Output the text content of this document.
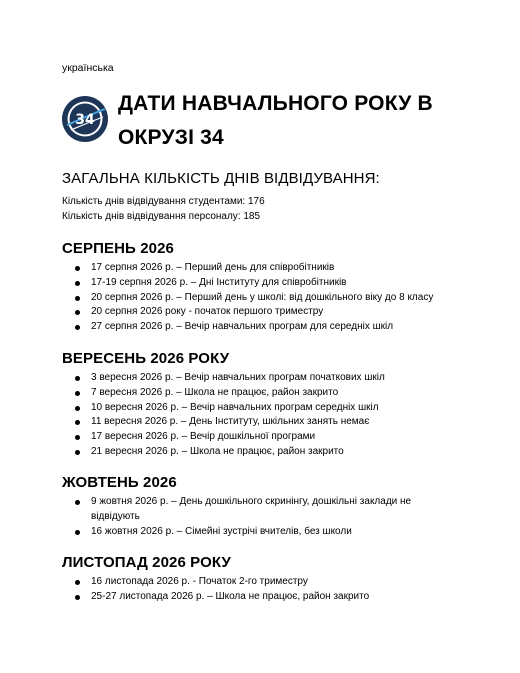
українська
34
ДАТИ НАВЧАЛЬНОГО РОКУ В
ОКРУЗІ 34
ЗАГАЛЬНА КІЛЬКІСТЬ ДНІВ ВІДВІДУВАННЯ:
Кількість днів відвідування студентами: 176
Кількість днів відвідування персоналу: 185
СЕРПЕНЬ 2026
17 серпня 2026 р. – Перший день для співробітників
17-19 серпня 2026 р. – Дні Інституту для співробітників
20 серпня 2026 р. – Перший день у школі: від дошкільного віку до 8 класу
20 серпня 2026 року - початок першого триместру
27 серпня 2026 р. – Вечір навчальних програм для середніх шкіл
ВЕРЕСЕНЬ 2026 РОКУ
3 вересня 2026 р. – Вечір навчальних програм початкових шкіл
7 вересня 2026 р. – Школа не працює, район закрито
10 вересня 2026 р. – Вечір навчальних програм середніх шкіл
11 вересня 2026 р. – День Інституту, шкільних занять немає
17 вересня 2026 р. – Вечір дошкільної програми
21 вересня 2026 р. – Школа не працює, район закрито
ЖОВТЕНЬ 2026
9 жовтня 2026 р. – День дошкільного скринінгу, дошкільні заклади не відвідують
16 жовтня 2026 р. – Сімейні зустрічі вчителів, без школи
ЛИСТОПАД 2026 РОКУ
16 листопада 2026 р. - Початок 2-го триместру
25-27 листопада 2026 р. – Школа не працює, район закрито
